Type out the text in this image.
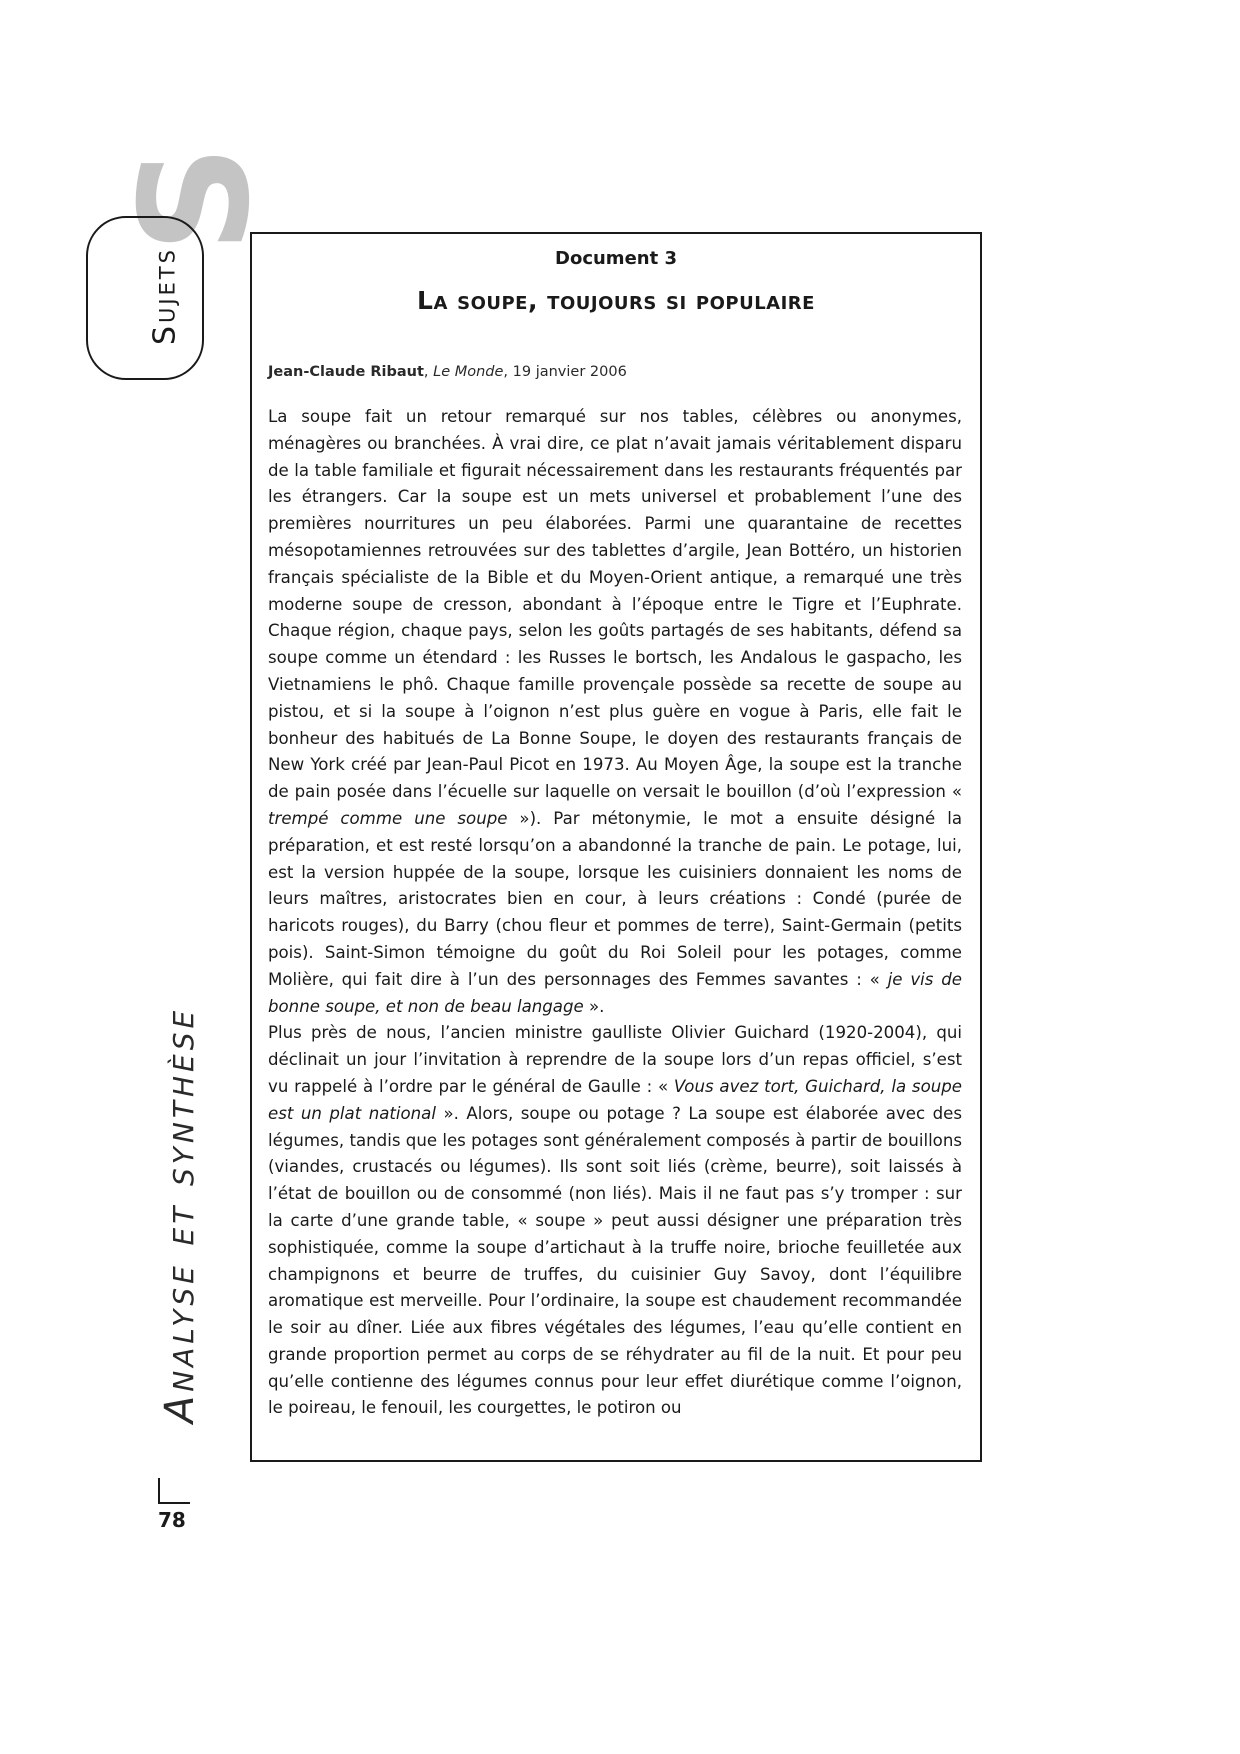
S
Sujets
Analyse et synthèse
78
Document 3
La soupe, toujours si populaire
Jean-Claude Ribaut, Le Monde, 19 janvier 2006

La soupe fait un retour remarqué sur nos tables, célèbres ou anonymes, ménagères ou branchées. À vrai dire, ce plat n’avait jamais véritablement disparu de la table familiale et figurait nécessairement dans les restaurants fréquentés par les étrangers. Car la soupe est un mets universel et probablement l’une des premières nourritures un peu élaborées. Parmi une quarantaine de recettes mésopotamiennes retrouvées sur des tablettes d’argile, Jean Bottéro, un historien français spécialiste de la Bible et du Moyen-Orient antique, a remarqué une très moderne soupe de cresson, abondant à l’époque entre le Tigre et l’Euphrate. Chaque région, chaque pays, selon les goûts partagés de ses habitants, défend sa soupe comme un étendard : les Russes le bortsch, les Andalous le gaspacho, les Vietnamiens le phô. Chaque famille provençale possède sa recette de soupe au pistou, et si la soupe à l’oignon n’est plus guère en vogue à Paris, elle fait le bonheur des habitués de La Bonne Soupe, le doyen des restaurants français de New York créé par Jean-Paul Picot en 1973. Au Moyen Âge, la soupe est la tranche de pain posée dans l’écuelle sur laquelle on versait le bouillon (d’où l’expression « trempé comme une soupe »). Par métonymie, le mot a ensuite désigné la préparation, et est resté lorsqu’on a abandonné la tranche de pain. Le potage, lui, est la version huppée de la soupe, lorsque les cuisiniers donnaient les noms de leurs maîtres, aristocrates bien en cour, à leurs créations : Condé (purée de haricots rouges), du Barry (chou fleur et pommes de terre), Saint-Germain (petits pois). Saint-Simon témoigne du goût du Roi Soleil pour les potages, comme Molière, qui fait dire à l’un des personnages des Femmes savantes : « je vis de bonne soupe, et non de beau langage ».

Plus près de nous, l’ancien ministre gaulliste Olivier Guichard (1920-2004), qui déclinait un jour l’invitation à reprendre de la soupe lors d’un repas officiel, s’est vu rappelé à l’ordre par le général de Gaulle : « Vous avez tort, Guichard, la soupe est un plat national ». Alors, soupe ou potage ? La soupe est élaborée avec des légumes, tandis que les potages sont généralement composés à partir de bouillons (viandes, crustacés ou légumes). Ils sont soit liés (crème, beurre), soit laissés à l’état de bouillon ou de consommé (non liés). Mais il ne faut pas s’y tromper : sur la carte d’une grande table, « soupe » peut aussi désigner une préparation très sophistiquée, comme la soupe d’artichaut à la truffe noire, brioche feuilletée aux champignons et beurre de truffes, du cuisinier Guy Savoy, dont l’équilibre aromatique est merveille. Pour l’ordinaire, la soupe est chaudement recommandée le soir au dîner. Liée aux fibres végétales des légumes, l’eau qu’elle contient en grande proportion permet au corps de se réhydrater au fil de la nuit. Et pour peu qu’elle contienne des légumes connus pour leur effet diurétique comme l’oignon, le poireau, le fenouil, les courgettes, le potiron ou
